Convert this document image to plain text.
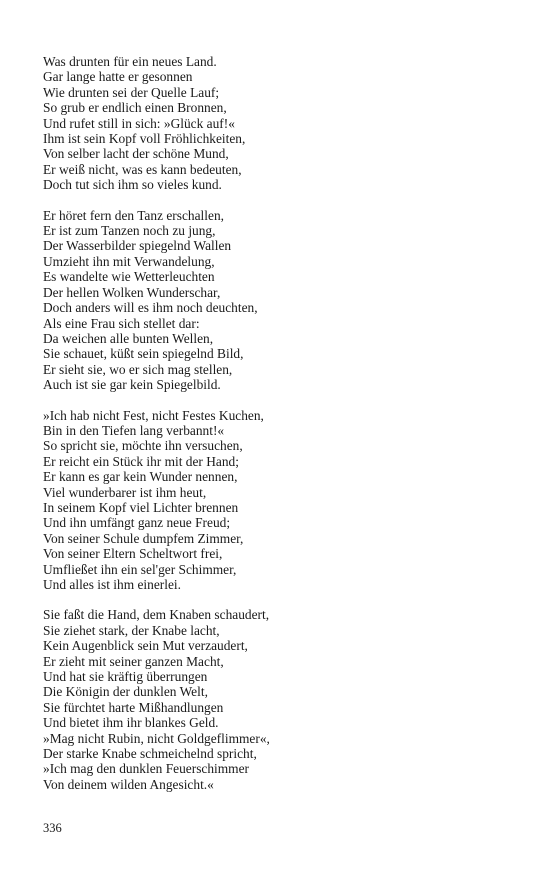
Was drunten für ein neues Land.
Gar lange hatte er gesonnen
Wie drunten sei der Quelle Lauf;
So grub er endlich einen Bronnen,
Und rufet still in sich: »Glück auf!«
Ihm ist sein Kopf voll Fröhlichkeiten,
Von selber lacht der schöne Mund,
Er weiß nicht, was es kann bedeuten,
Doch tut sich ihm so vieles kund.
Er höret fern den Tanz erschallen,
Er ist zum Tanzen noch zu jung,
Der Wasserbilder spiegelnd Wallen
Umzieht ihn mit Verwandelung,
Es wandelte wie Wetterleuchten
Der hellen Wolken Wunderschar,
Doch anders will es ihm noch deuchten,
Als eine Frau sich stellet dar:
Da weichen alle bunten Wellen,
Sie schauet, küßt sein spiegelnd Bild,
Er sieht sie, wo er sich mag stellen,
Auch ist sie gar kein Spiegelbild.
»Ich hab nicht Fest, nicht Festes Kuchen,
Bin in den Tiefen lang verbannt!«
So spricht sie, möchte ihn versuchen,
Er reicht ein Stück ihr mit der Hand;
Er kann es gar kein Wunder nennen,
Viel wunderbarer ist ihm heut,
In seinem Kopf viel Lichter brennen
Und ihn umfängt ganz neue Freud;
Von seiner Schule dumpfem Zimmer,
Von seiner Eltern Scheltwort frei,
Umfließet ihn ein sel'ger Schimmer,
Und alles ist ihm einerlei.
Sie faßt die Hand, dem Knaben schaudert,
Sie ziehet stark, der Knabe lacht,
Kein Augenblick sein Mut verzaudert,
Er zieht mit seiner ganzen Macht,
Und hat sie kräftig überrungen
Die Königin der dunklen Welt,
Sie fürchtet harte Mißhandlungen
Und bietet ihm ihr blankes Geld.
»Mag nicht Rubin, nicht Goldgeflimmer«,
Der starke Knabe schmeichelnd spricht,
»Ich mag den dunklen Feuerschimmer
Von deinem wilden Angesicht.«
336
